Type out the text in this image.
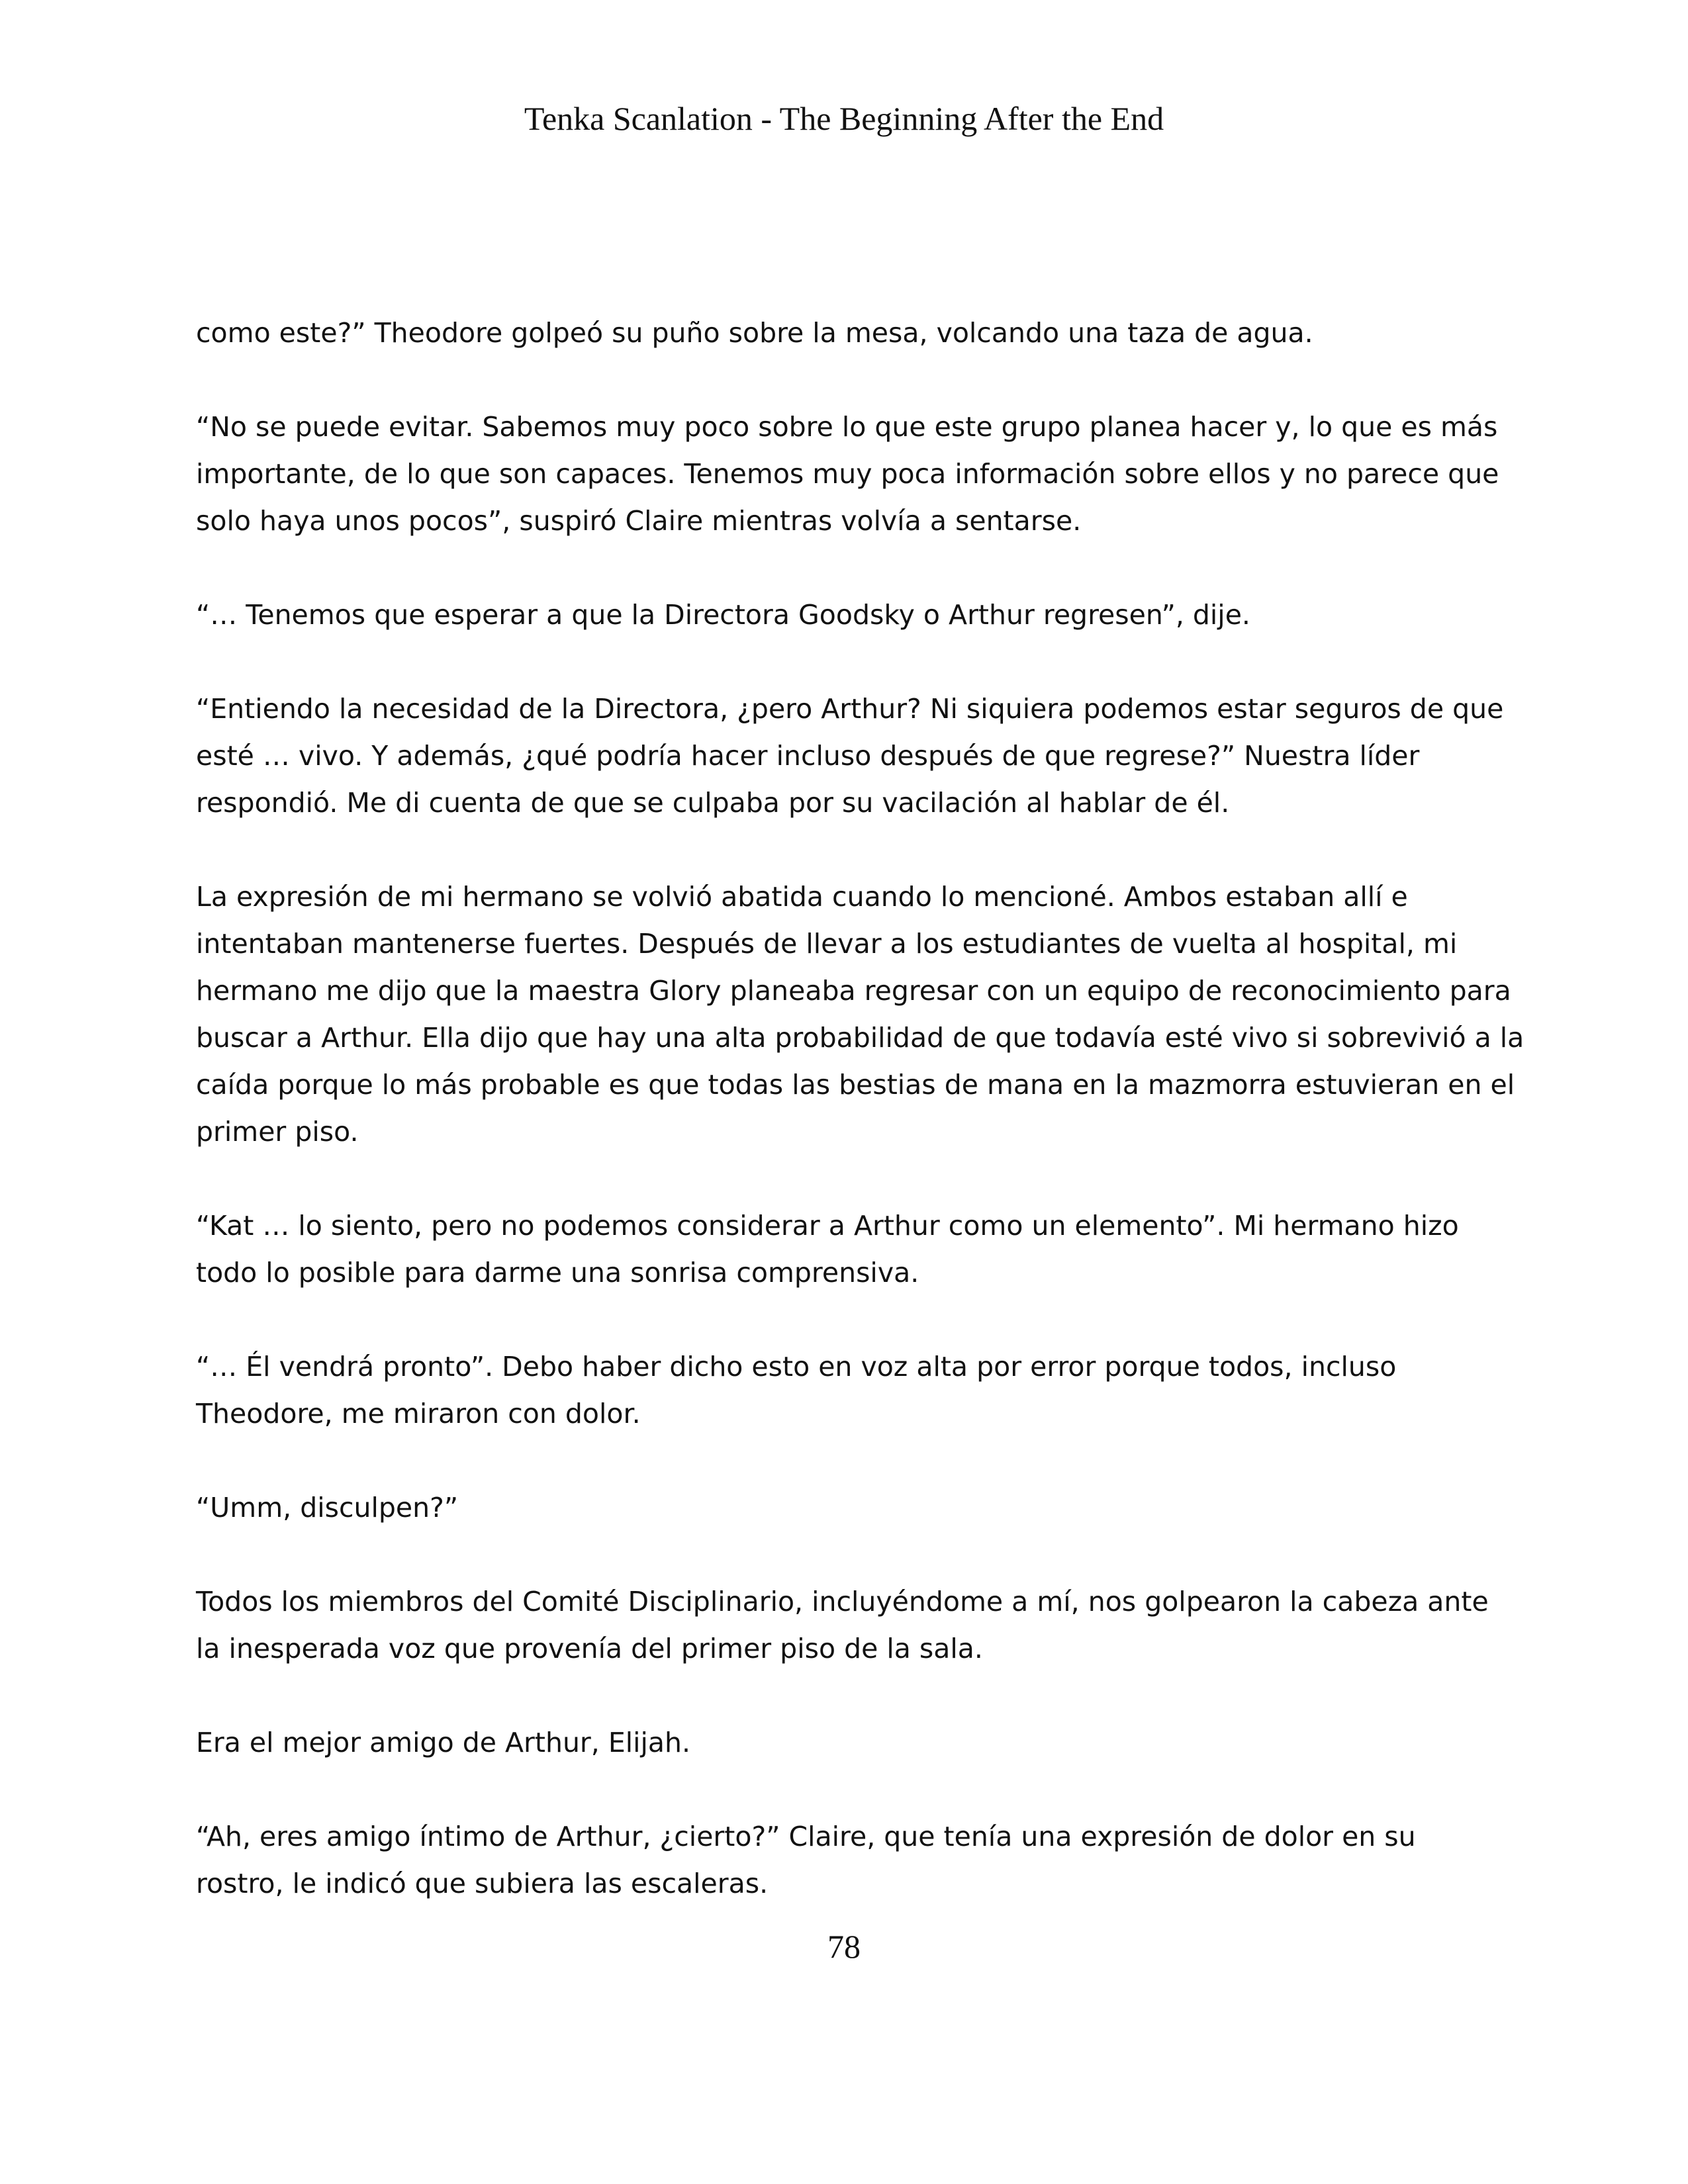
Tenka Scanlation - The Beginning After the End

como este?” Theodore golpeó su puño sobre la mesa, volcando una taza de agua.

“No se puede evitar. Sabemos muy poco sobre lo que este grupo planea hacer y, lo que es más
importante, de lo que son capaces. Tenemos muy poca información sobre ellos y no parece que
solo haya unos pocos”, suspiró Claire mientras volvía a sentarse.

“… Tenemos que esperar a que la Directora Goodsky o Arthur regresen”, dije.

“Entiendo la necesidad de la Directora, ¿pero Arthur? Ni siquiera podemos estar seguros de que
esté … vivo. Y además, ¿qué podría hacer incluso después de que regrese?” Nuestra líder
respondió. Me di cuenta de que se culpaba por su vacilación al hablar de él.

La expresión de mi hermano se volvió abatida cuando lo mencioné. Ambos estaban allí e
intentaban mantenerse fuertes. Después de llevar a los estudiantes de vuelta al hospital, mi
hermano me dijo que la maestra Glory planeaba regresar con un equipo de reconocimiento para
buscar a Arthur. Ella dijo que hay una alta probabilidad de que todavía esté vivo si sobrevivió a la
caída porque lo más probable es que todas las bestias de mana en la mazmorra estuvieran en el
primer piso.

“Kat … lo siento, pero no podemos considerar a Arthur como un elemento”. Mi hermano hizo
todo lo posible para darme una sonrisa comprensiva.

“… Él vendrá pronto”. Debo haber dicho esto en voz alta por error porque todos, incluso
Theodore, me miraron con dolor.

“Umm, disculpen?”

Todos los miembros del Comité Disciplinario, incluyéndome a mí, nos golpearon la cabeza ante
la inesperada voz que provenía del primer piso de la sala.

Era el mejor amigo de Arthur, Elijah.

“Ah, eres amigo íntimo de Arthur, ¿cierto?” Claire, que tenía una expresión de dolor en su
rostro, le indicó que subiera las escaleras.

78
